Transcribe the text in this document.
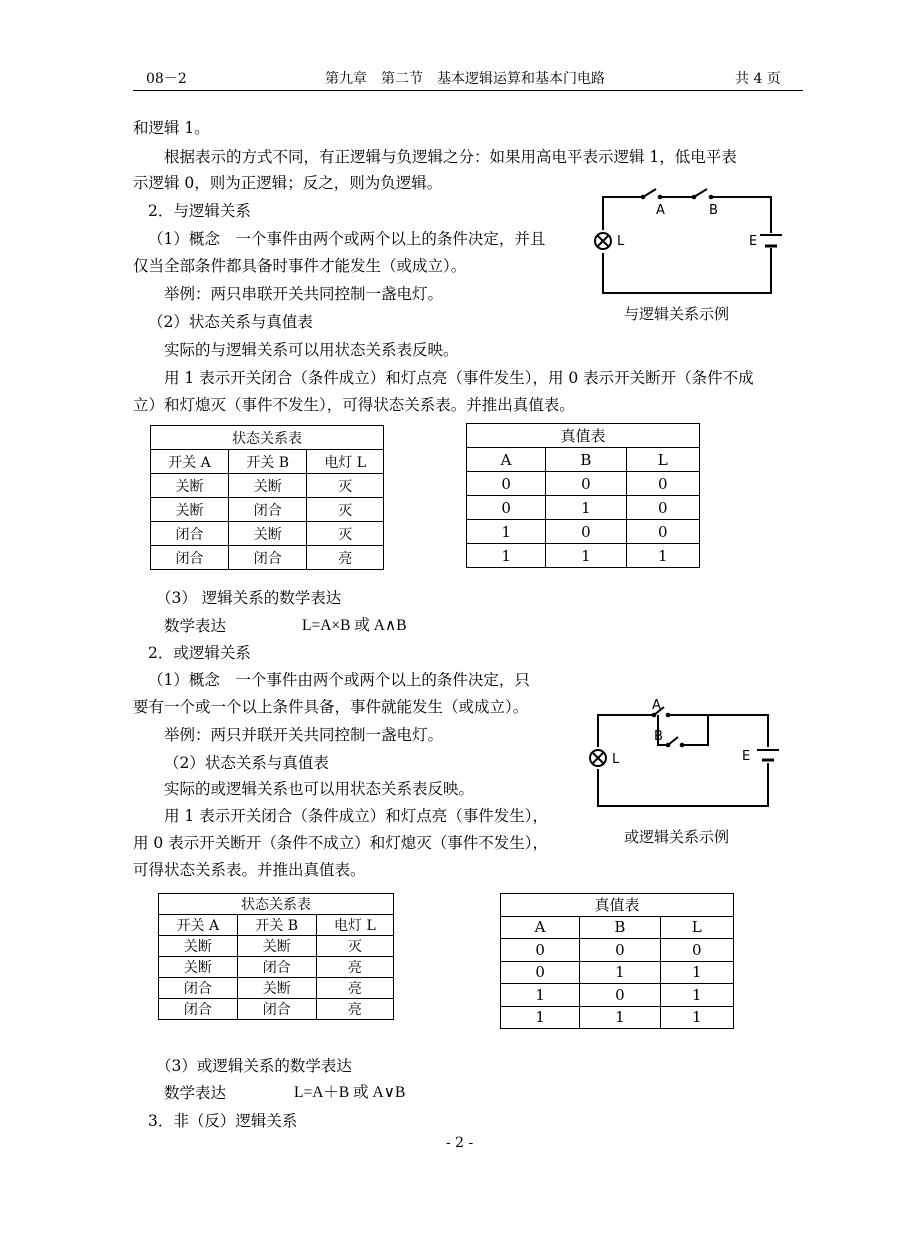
08－2	第九章　第二节　基本逻辑运算和基本门电路	共 4 页
和逻辑 1。
根据表示的方式不同，有正逻辑与负逻辑之分：如果用高电平表示逻辑 1，低电平表
示逻辑 0，则为正逻辑；反之，则为负逻辑。
2．与逻辑关系
（1）概念　一个事件由两个或两个以上的条件决定，并且
仅当全部条件都具备时事件才能发生（或成立）。
举例：两只串联开关共同控制一盏电灯。
（2）状态关系与真值表
实际的与逻辑关系可以用状态关系表反映。
用 1 表示开关闭合（条件成立）和灯点亮（事件发生），用 0 表示开关断开（条件不成
立）和灯熄灭（事件不发生），可得状态关系表。并推出真值表。
A	B
L	E
与逻辑关系示例
状态关系表		
开关 A	开关 B	电灯 L
关断	关断	灭
关断	闭合	灭
闭合	关断	灭
闭合	闭合	亮
真值表		
A	B	L
0	0	0
0	1	0
1	0	0
1	1	1
（3） 逻辑关系的数学表达
数学表达	L=A×B 或 A∧B
2．或逻辑关系
（1）概念　一个事件由两个或两个以上的条件决定，只
要有一个或一个以上条件具备，事件就能发生（或成立）。
举例：两只并联开关共同控制一盏电灯。
（2）状态关系与真值表
实际的或逻辑关系也可以用状态关系表反映。
用 1 表示开关闭合（条件成立）和灯点亮（事件发生），
用 0 表示开关断开（条件不成立）和灯熄灭（事件不发生），
可得状态关系表。并推出真值表。
A
B
L	E
或逻辑关系示例
状态关系表		
开关 A	开关 B	电灯 L
关断	关断	灭
关断	闭合	亮
闭合	关断	亮
闭合	闭合	亮
真值表		
A	B	L
0	0	0
0	1	1
1	0	1
1	1	1
（3）或逻辑关系的数学表达
数学表达	L=A＋B 或 A∨B
3．非（反）逻辑关系
- 2 -
